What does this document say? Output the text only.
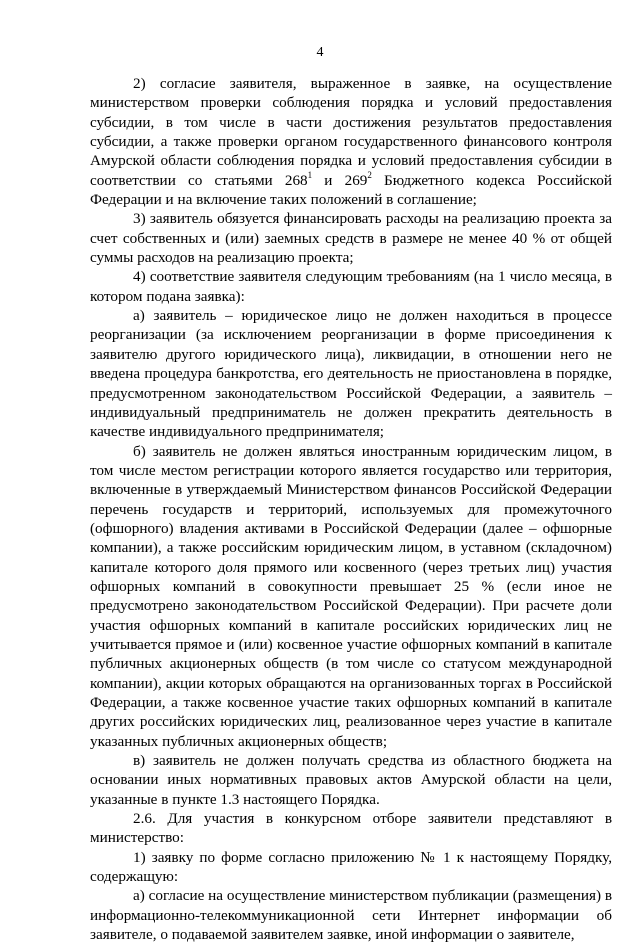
4

2) согласие заявителя, выраженное в заявке, на осуществление министерством проверки соблюдения порядка и условий предоставления субсидии, в том числе в части достижения результатов предоставления субсидии, а также проверки органом государственного финансового контроля Амурской области соблюдения порядка и условий предоставления субсидии в соответствии со статьями $268^1$ и $269^2$ Бюджетного кодекса Российской Федерации и на включение таких положений в соглашение;

3) заявитель обязуется финансировать расходы на реализацию проекта за счет собственных и (или) заемных средств в размере не менее 40 % от общей суммы расходов на реализацию проекта;

4) соответствие заявителя следующим требованиям (на 1 число месяца, в котором подана заявка):

а) заявитель – юридическое лицо не должен находиться в процессе реорганизации (за исключением реорганизации в форме присоединения к заявителю другого юридического лица), ликвидации, в отношении него не введена процедура банкротства, его деятельность не приостановлена в порядке, предусмотренном законодательством Российской Федерации, а заявитель – индивидуальный предприниматель не должен прекратить деятельность в качестве индивидуального предпринимателя;

б) заявитель не должен являться иностранным юридическим лицом, в том числе местом регистрации которого является государство или территория, включенные в утверждаемый Министерством финансов Российской Федерации перечень государств и территорий, используемых для промежуточного (офшорного) владения активами в Российской Федерации (далее – офшорные компании), а также российским юридическим лицом, в уставном (складочном) капитале которого доля прямого или косвенного (через третьих лиц) участия офшорных компаний в совокупности превышает 25 % (если иное не предусмотрено законодательством Российской Федерации). При расчете доли участия офшорных компаний в капитале российских юридических лиц не учитывается прямое и (или) косвенное участие офшорных компаний в капитале публичных акционерных обществ (в том числе со статусом международной компании), акции которых обращаются на организованных торгах в Российской Федерации, а также косвенное участие таких офшорных компаний в капитале других российских юридических лиц, реализованное через участие в капитале указанных публичных акционерных обществ;

в) заявитель не должен получать средства из областного бюджета на основании иных нормативных правовых актов Амурской области на цели, указанные в пункте 1.3 настоящего Порядка.

2.6. Для участия в конкурсном отборе заявители представляют в министерство:

1) заявку по форме согласно приложению № 1 к настоящему Порядку, содержащую:

а) согласие на осуществление министерством публикации (размещения) в информационно-телекоммуникационной сети Интернет информации об заявителе, о подаваемой заявителем заявке, иной информации о заявителе,
